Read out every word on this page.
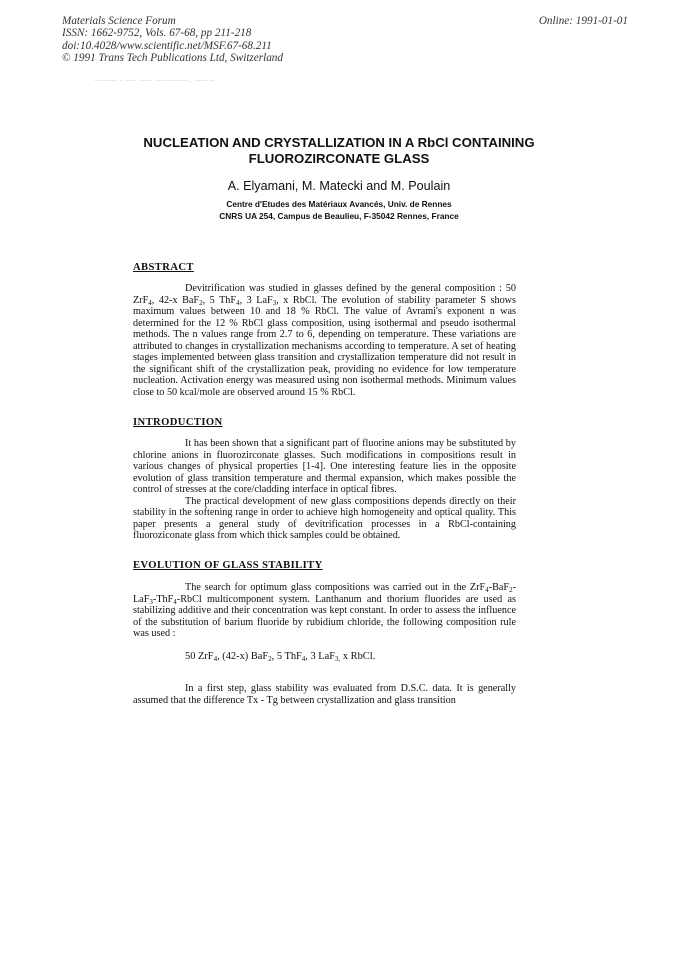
Materials Science Forum
ISSN: 1662-9752, Vols. 67-68, pp 211-218
doi:10.4028/www.scientific.net/MSF.67-68.211
© 1991 Trans Tech Publications Ltd, Switzerland
Online: 1991-01-01
-------- - ---- ----- ------------, -------
NUCLEATION AND CRYSTALLIZATION IN A RbCl CONTAINING
FLUOROZIRCONATE GLASS
A. Elyamani, M. Matecki and M. Poulain
Centre d'Etudes des Matériaux Avancés, Univ. de Rennes
CNRS UA 254, Campus de Beaulieu, F-35042 Rennes, France
ABSTRACT

Devitrification was studied in glasses defined by the general composition : 50 ZrF$_4$, 42-x BaF$_2$, 5 ThF$_4$, 3 LaF$_3$, x RbCl. The evolution of stability parameter S shows maximum values between 10 and 18 % RbCl. The value of Avrami's exponent n was determined for the 12 % RbCl glass composition, using isothermal and pseudo isothermal methods. The n values range from 2.7 to 6, depending on temperature. These variations are attributed to changes in crystallization mechanisms according to temperature. A set of heating stages implemented between glass transition and crystallization temperature did not result in the significant shift of the crystallization peak, providing no evidence for low temperature nucleation. Activation energy was measured using non isothermal methods. Minimum values close to 50 kcal/mole are observed around 15 % RbCl.

INTRODUCTION

It has been shown that a significant part of fluorine anions may be substituted by chlorine anions in fluorozirconate glasses. Such modifications in compositions result in various changes of physical properties [1-4]. One interesting feature lies in the opposite evolution of glass transition temperature and thermal expansion, which makes possible the control of stresses at the core/cladding interface in optical fibres.

The practical development of new glass compositions depends directly on their stability in the softening range in order to achieve high homogeneity and optical quality. This paper presents a general study of devitrification processes in a RbCl-containing fluoroziconate glass from which thick samples could be obtained.

EVOLUTION OF GLASS STABILITY

The search for optimum glass compositions was carried out in the ZrF$_4$-BaF$_2$-LaF$_3$-ThF$_4$-RbCl multicomponent system. Lanthanum and thorium fluorides are used as stabilizing additive and their concentration was kept constant. In order to assess the influence of the substitution of barium fluoride by rubidium chloride, the following composition rule was used :

50 ZrF$_4$, (42-x) BaF$_2$, 5 ThF$_4$, 3 LaF$_{3,}$ x RbCl.

In a first step, glass stability was evaluated from D.S.C. data. It is generally assumed that the difference Tx - Tg between crystallization and glass transition
